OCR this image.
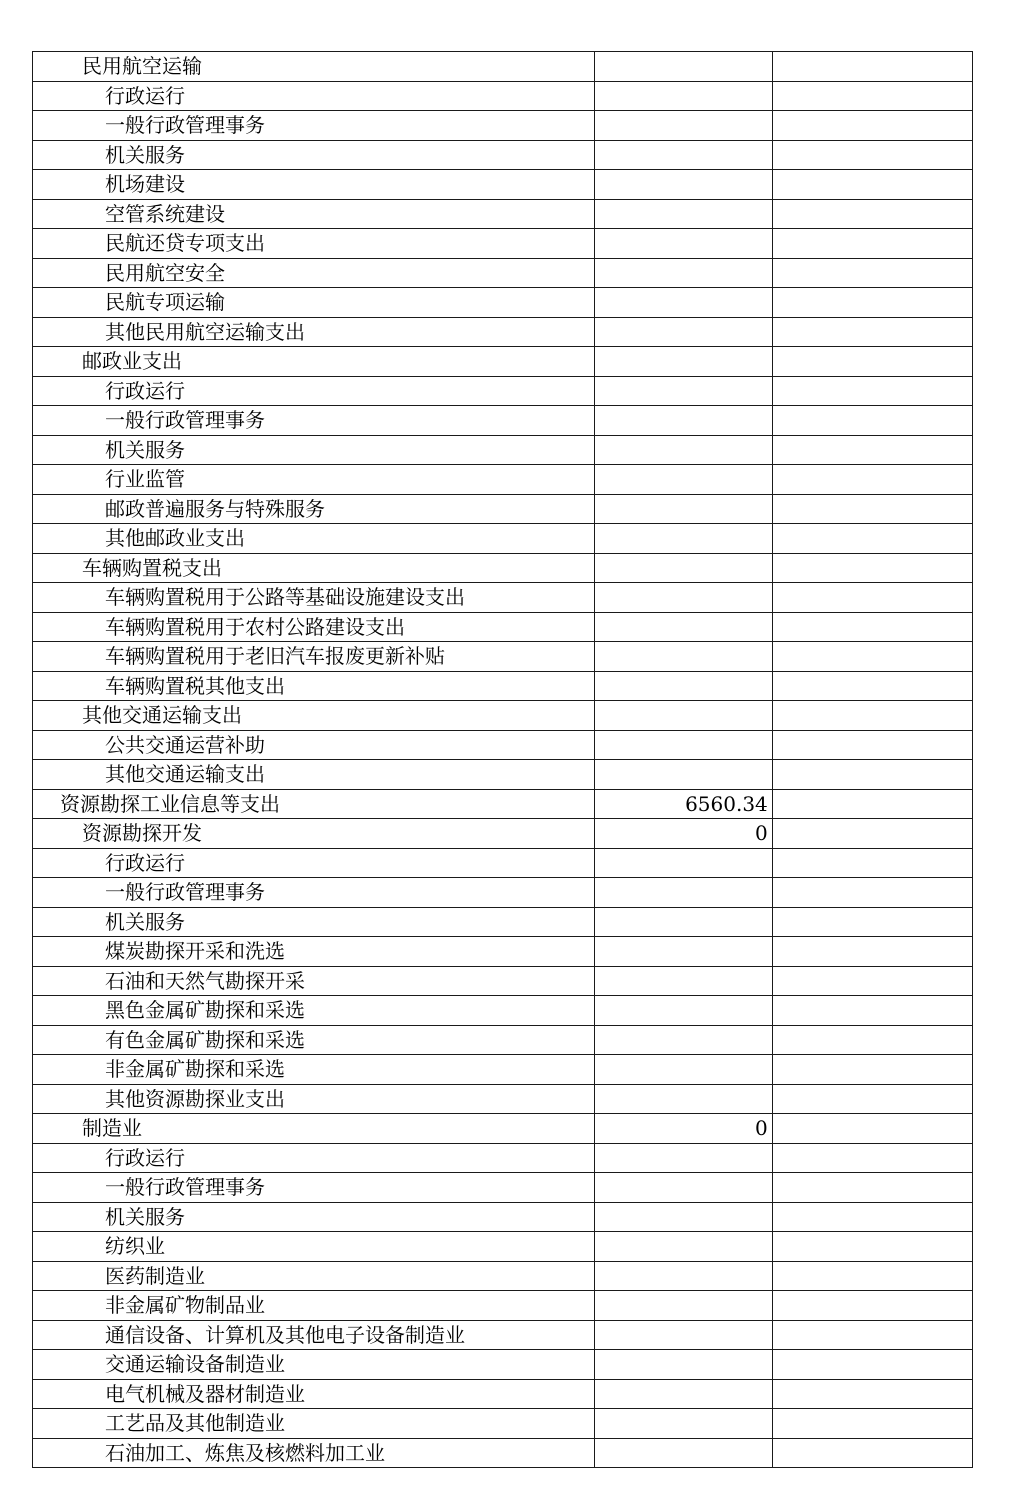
民用航空运输		
行政运行		
一般行政管理事务		
机关服务		
机场建设		
空管系统建设		
民航还贷专项支出		
民用航空安全		
民航专项运输		
其他民用航空运输支出		
邮政业支出		
行政运行		
一般行政管理事务		
机关服务		
行业监管		
邮政普遍服务与特殊服务		
其他邮政业支出		
车辆购置税支出		
车辆购置税用于公路等基础设施建设支出		
车辆购置税用于农村公路建设支出		
车辆购置税用于老旧汽车报废更新补贴		
车辆购置税其他支出		
其他交通运输支出		
公共交通运营补助		
其他交通运输支出		
资源勘探工业信息等支出	6560.34	
资源勘探开发	0	
行政运行		
一般行政管理事务		
机关服务		
煤炭勘探开采和洗选		
石油和天然气勘探开采		
黑色金属矿勘探和采选		
有色金属矿勘探和采选		
非金属矿勘探和采选		
其他资源勘探业支出		
制造业	0	
行政运行		
一般行政管理事务		
机关服务		
纺织业		
医药制造业		
非金属矿物制品业		
通信设备、计算机及其他电子设备制造业		
交通运输设备制造业		
电气机械及器材制造业		
工艺品及其他制造业		
石油加工、炼焦及核燃料加工业		
